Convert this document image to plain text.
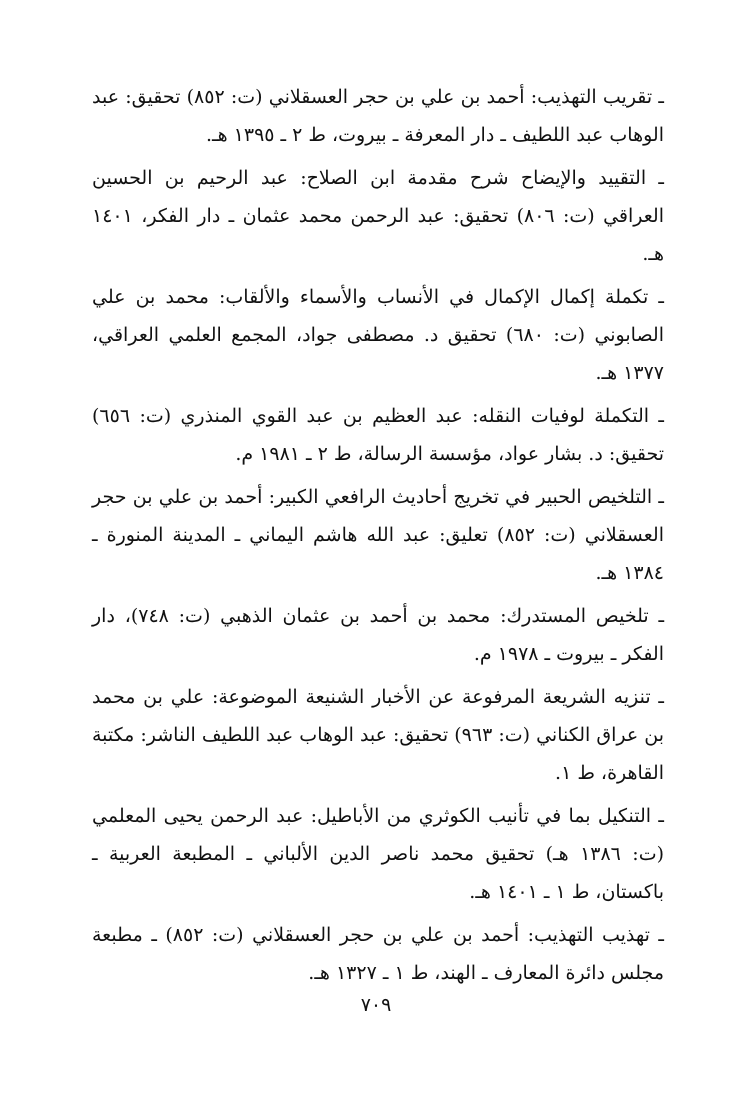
ـ تقريب التهذيب: أحمد بن علي بن حجر العسقلاني (ت: ٨٥٢) تحقيق: عبد الوهاب عبد اللطيف ـ دار المعرفة ـ بيروت، ط ٢ ـ ١٣٩٥ هـ.

ـ التقييد والإيضاح شرح مقدمة ابن الصلاح: عبد الرحيم بن الحسين العراقي (ت: ٨٠٦) تحقيق: عبد الرحمن محمد عثمان ـ دار الفكر، ١٤٠١ هـ.

ـ تكملة إكمال الإكمال في الأنساب والأسماء والألقاب: محمد بن علي الصابوني (ت: ٦٨٠) تحقيق د. مصطفى جواد، المجمع العلمي العراقي، ١٣٧٧ هـ.

ـ التكملة لوفيات النقله: عبد العظيم بن عبد القوي المنذري (ت: ٦٥٦) تحقيق: د. بشار عواد، مؤسسة الرسالة، ط ٢ ـ ١٩٨١ م.

ـ التلخيص الحبير في تخريج أحاديث الرافعي الكبير: أحمد بن علي بن حجر العسقلاني (ت: ٨٥٢) تعليق: عبد الله هاشم اليماني ـ المدينة المنورة ـ ١٣٨٤ هـ.

ـ تلخيص المستدرك: محمد بن أحمد بن عثمان الذهبي (ت: ٧٤٨)، دار الفكر ـ بيروت ـ ١٩٧٨ م.

ـ تنزيه الشريعة المرفوعة عن الأخبار الشنيعة الموضوعة: علي بن محمد بن عراق الكناني (ت: ٩٦٣) تحقيق: عبد الوهاب عبد اللطيف الناشر: مكتبة القاهرة، ط ١.

ـ التنكيل بما في تأنيب الكوثري من الأباطيل: عبد الرحمن يحيى المعلمي (ت: ١٣٨٦ هـ) تحقيق محمد ناصر الدين الألباني ـ المطبعة العربية ـ باكستان، ط ١ ـ ١٤٠١ هـ.

ـ تهذيب التهذيب: أحمد بن علي بن حجر العسقلاني (ت: ٨٥٢) ـ مطبعة مجلس دائرة المعارف ـ الهند، ط ١ ـ ١٣٢٧ هـ.

٧٠٩
